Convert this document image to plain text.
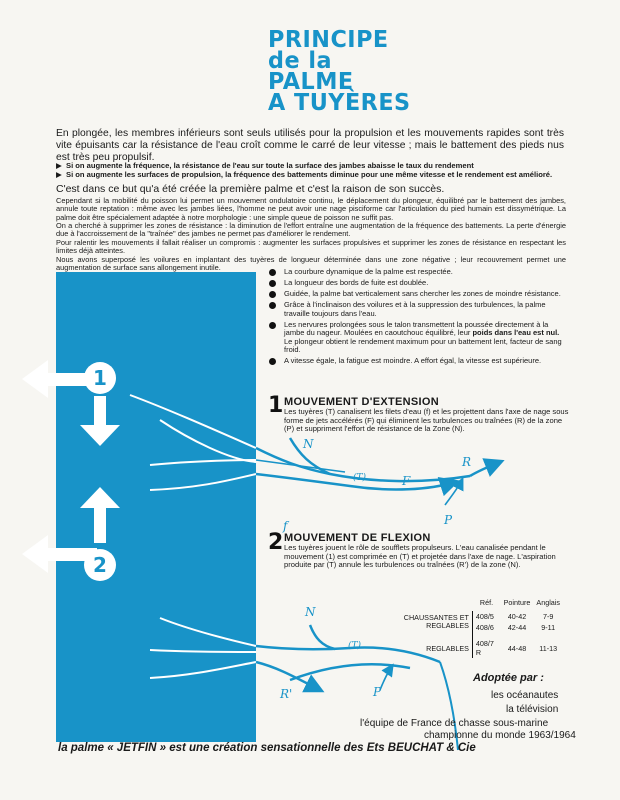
PRINCIPE
de la
PALME
A TUYÈRES
En plongée, les membres inférieurs sont seuls utilisés pour la propulsion et les mouvements rapides sont très vite épuisants car la résistance de l'eau croît comme le carré de leur vitesse ; mais le battement des pieds nus est très peu propulsif.
▶ Si on augmente la fréquence, la résistance de l'eau sur toute la surface des jambes abaisse le taux du rendement
▶ Si on augmente les surfaces de propulsion, la fréquence des battements diminue pour une même vitesse et le rendement est amélioré.
C'est dans ce but qu'a été créée la première palme et c'est la raison de son succès.
Cependant si la mobilité du poisson lui permet un mouvement ondulatoire continu, le déplacement du plongeur, équilibré par le battement des jambes, annule toute reptation : même avec les jambes liées, l'homme ne peut avoir une nage pisciforme car l'articulation du pied humain est dissymétrique. La palme doit être spécialement adaptée à notre morphologie : une simple queue de poisson ne suffit pas.
On a cherché à supprimer les zones de résistance : la diminution de l'effort entraîne une augmentation de la fréquence des battements. La perte d'énergie due à l'accroissement de la "traînée" des jambes ne permet pas d'améliorer le rendement.
Pour ralentir les mouvements il fallait réaliser un compromis : augmenter les surfaces propulsives et supprimer les zones de résistance en respectant les limites déjà atteintes.
Nous avons superposé les voilures en implantant des tuyères de longueur déterminée dans une zone négative ; leur recouvrement permet une augmentation de surface sans allongement inutile.	La courbure dynamique de la palme est respectée.
La longueur des bords de fuite est doublée.
Guidée, la palme bat verticalement sans chercher les zones de moindre résistance.
Grâce à l'inclinaison des voilures et à la suppression des turbulences, la palme travaille toujours dans l'eau.
Les nervures prolongées sous le talon transmettent la poussée directement à la jambe du nageur. Moulées en caoutchouc équilibré, leur poids dans l'eau est nul. Le plongeur obtient le rendement maximum pour un battement lent, facteur de sang froid.
A vitesse égale, la fatigue est moindre. A effort égal, la vitesse est supérieure.
1 MOUVEMENT D'EXTENSION
Les tuyères (T) canalisent les filets d'eau (f) et les projettent dans l'axe de nage sous forme de jets accélérés (F) qui éliminent les turbulences ou traînées (R) de la zone (P) et suppriment l'effort de résistance de la Zone (N).
2 MOUVEMENT DE FLEXION
Les tuyères jouent le rôle de soufflets propulseurs. L'eau canalisée pendant le mouvement (1) est comprimée en (T) et projetée dans l'axe de nage. L'aspiration produite par (T) annule les turbulences ou traînées (R') de la zone (N).
1
2
N
(T)	F
R
P
f
N
(T)
R'	P
	Réf.	Pointure	Anglais
CHAUSSANTES ET REGLABLES	408/5	40-42	7-9
	408/6	42-44	9-11
REGLABLES	408/7 R	44-48	11-13
Adoptée par :
les océanautes
la télévision
l'équipe de France de chasse sous-marine
championne du monde 1963/1964
la palme « JETFIN » est une création sensationnelle des Ets BEUCHAT & Cie
